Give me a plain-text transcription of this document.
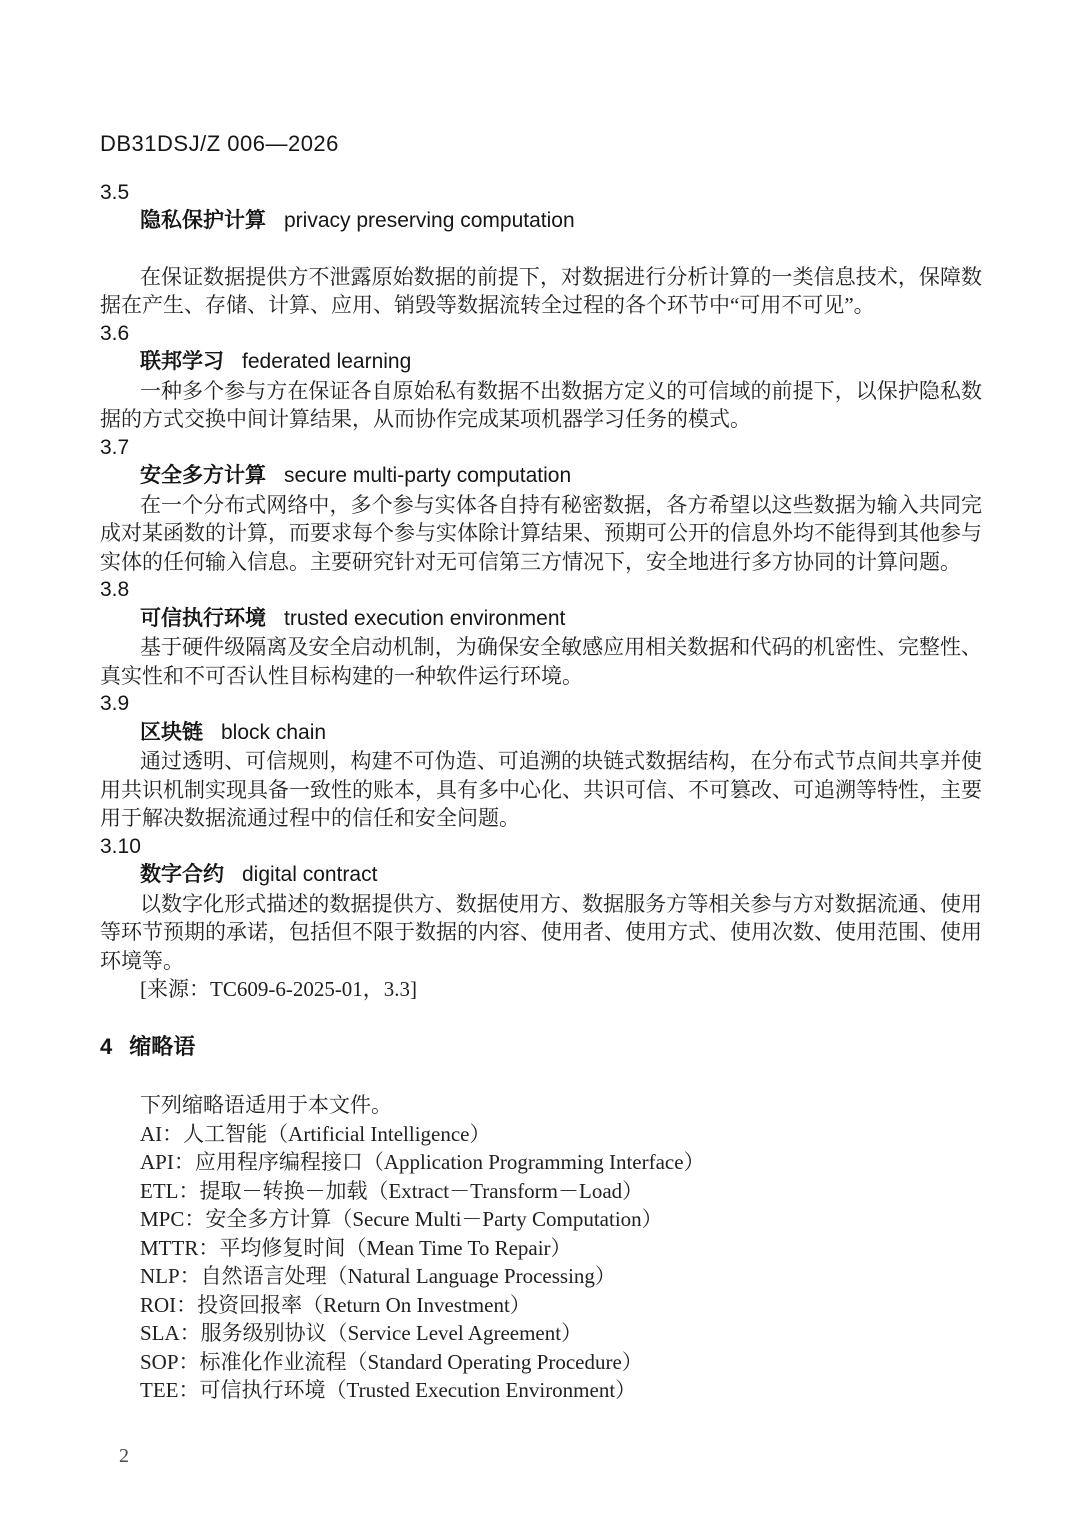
DB31DSJ/Z 006—2026
3.5
隐私保护计算 privacy preserving computation

在保证数据提供方不泄露原始数据的前提下，对数据进行分析计算的一类信息技术，保障数据在产生、存储、计算、应用、销毁等数据流转全过程的各个环节中“可用不可见”。

3.6
联邦学习 federated learning

一种多个参与方在保证各自原始私有数据不出数据方定义的可信域的前提下，以保护隐私数据的方式交换中间计算结果，从而协作完成某项机器学习任务的模式。

3.7
安全多方计算 secure multi-party computation

在一个分布式网络中，多个参与实体各自持有秘密数据，各方希望以这些数据为输入共同完成对某函数的计算，而要求每个参与实体除计算结果、预期可公开的信息外均不能得到其他参与实体的任何输入信息。主要研究针对无可信第三方情况下，安全地进行多方协同的计算问题。

3.8
可信执行环境 trusted execution environment

基于硬件级隔离及安全启动机制，为确保安全敏感应用相关数据和代码的机密性、完整性、真实性和不可否认性目标构建的一种软件运行环境。

3.9
区块链 block chain

通过透明、可信规则，构建不可伪造、可追溯的块链式数据结构，在分布式节点间共享并使用共识机制实现具备一致性的账本，具有多中心化、共识可信、不可篡改、可追溯等特性，主要用于解决数据流通过程中的信任和安全问题。

3.10
数字合约 digital contract

以数字化形式描述的数据提供方、数据使用方、数据服务方等相关参与方对数据流通、使用等环节预期的承诺，包括但不限于数据的内容、使用者、使用方式、使用次数、使用范围、使用环境等。

[来源：TC609-6-2025-01，3.3]

4 缩略语

下列缩略语适用于本文件。

AI：人工智能（Artificial Intelligence）
API：应用程序编程接口（Application Programming Interface）
ETL：提取－转换－加载（Extract－Transform－Load）
MPC：安全多方计算（Secure Multi－Party Computation）
MTTR：平均修复时间（Mean Time To Repair）
NLP：自然语言处理（Natural Language Processing）
ROI：投资回报率（Return On Investment）
SLA：服务级别协议（Service Level Agreement）
SOP：标准化作业流程（Standard Operating Procedure）
TEE：可信执行环境（Trusted Execution Environment）
2
